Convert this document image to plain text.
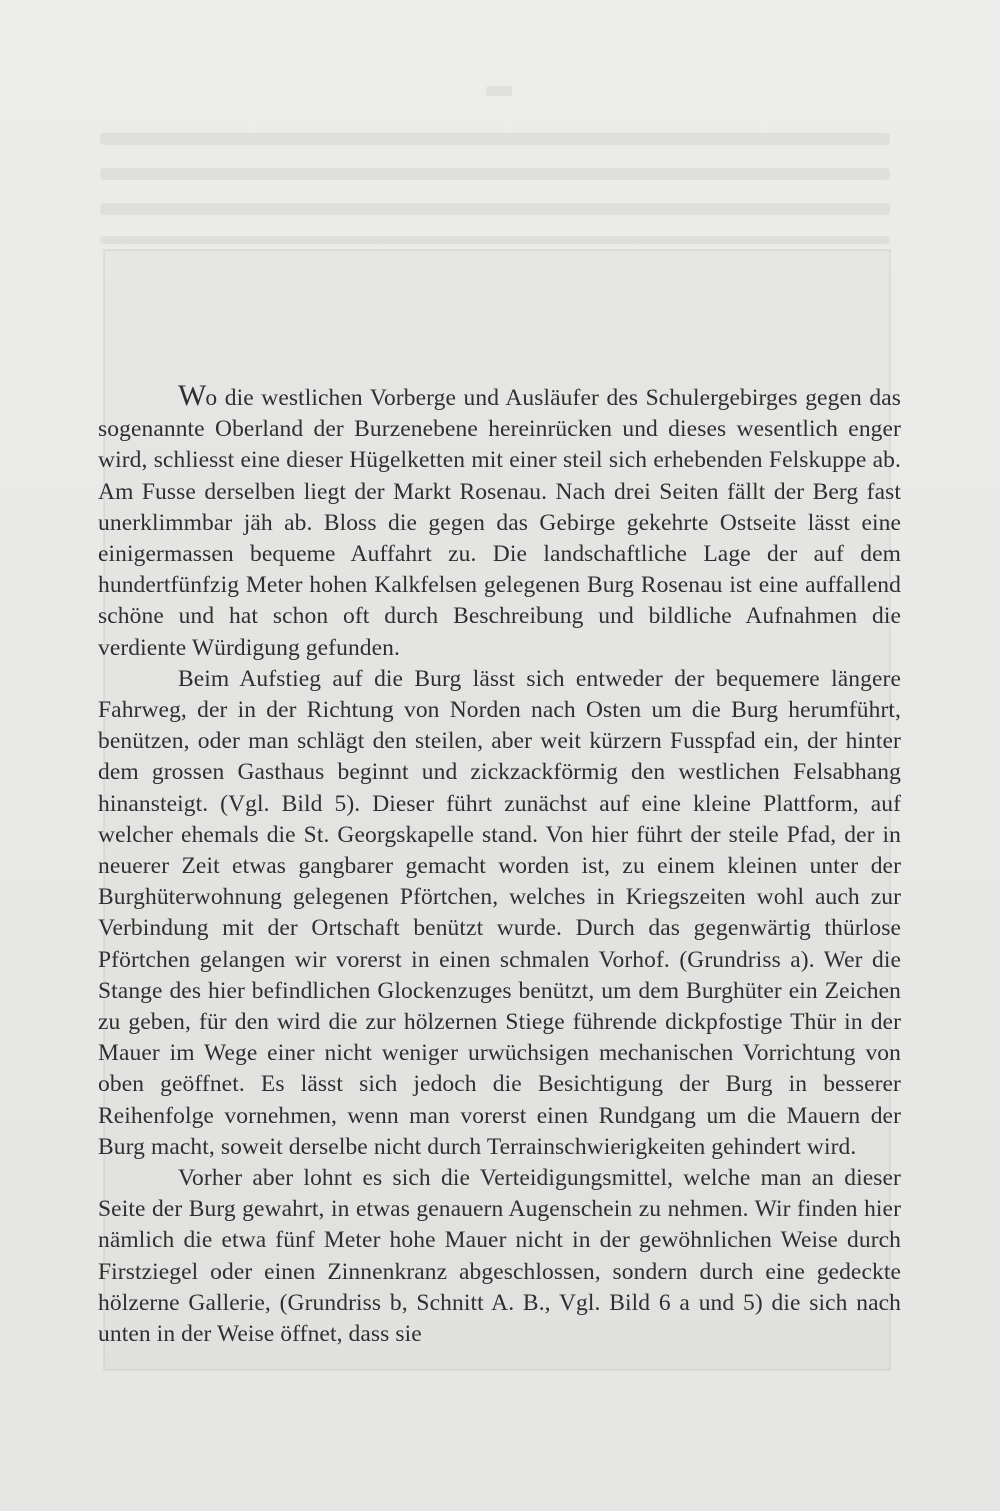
Wo die westlichen Vorberge und Ausläufer des Schulergebirges gegen das sogenannte Oberland der Burzenebene hereinrücken und dieses wesentlich enger wird, schliesst eine dieser Hügelketten mit einer steil sich erhebenden Felskuppe ab. Am Fusse derselben liegt der Markt Rosenau. Nach drei Seiten fällt der Berg fast unerklimmbar jäh ab. Bloss die gegen das Gebirge gekehrte Ostseite lässt eine einigermassen bequeme Auffahrt zu. Die landschaftliche Lage der auf dem hundertfünfzig Meter hohen Kalkfelsen gelegenen Burg Rosenau ist eine auffallend schöne und hat schon oft durch Beschreibung und bildliche Aufnahmen die verdiente Würdigung gefunden.

Beim Aufstieg auf die Burg lässt sich entweder der bequemere längere Fahrweg, der in der Richtung von Norden nach Osten um die Burg herumführt, benützen, oder man schlägt den steilen, aber weit kürzern Fusspfad ein, der hinter dem grossen Gasthaus beginnt und zickzackförmig den westlichen Felsabhang hinansteigt. (Vgl. Bild 5). Dieser führt zunächst auf eine kleine Plattform, auf welcher ehemals die St. Georgskapelle stand. Von hier führt der steile Pfad, der in neuerer Zeit etwas gangbarer gemacht worden ist, zu einem kleinen unter der Burghüterwohnung gelegenen Pförtchen, welches in Kriegszeiten wohl auch zur Verbindung mit der Ortschaft benützt wurde. Durch das gegenwärtig thürlose Pförtchen gelangen wir vorerst in einen schmalen Vorhof. (Grundriss a). Wer die Stange des hier befindlichen Glockenzuges benützt, um dem Burghüter ein Zeichen zu geben, für den wird die zur hölzernen Stiege führende dickpfostige Thür in der Mauer im Wege einer nicht weniger urwüchsigen mechanischen Vorrichtung von oben geöffnet. Es lässt sich jedoch die Besichtigung der Burg in besserer Reihenfolge vornehmen, wenn man vorerst einen Rundgang um die Mauern der Burg macht, soweit derselbe nicht durch Terrainschwierigkeiten gehindert wird.

Vorher aber lohnt es sich die Verteidigungsmittel, welche man an dieser Seite der Burg gewahrt, in etwas genauern Augenschein zu nehmen. Wir finden hier nämlich die etwa fünf Meter hohe Mauer nicht in der gewöhnlichen Weise durch Firstziegel oder einen Zinnenkranz abgeschlossen, sondern durch eine gedeckte hölzerne Gallerie, (Grundriss b, Schnitt A. B., Vgl. Bild 6 a und 5) die sich nach unten in der Weise öffnet, dass sie
